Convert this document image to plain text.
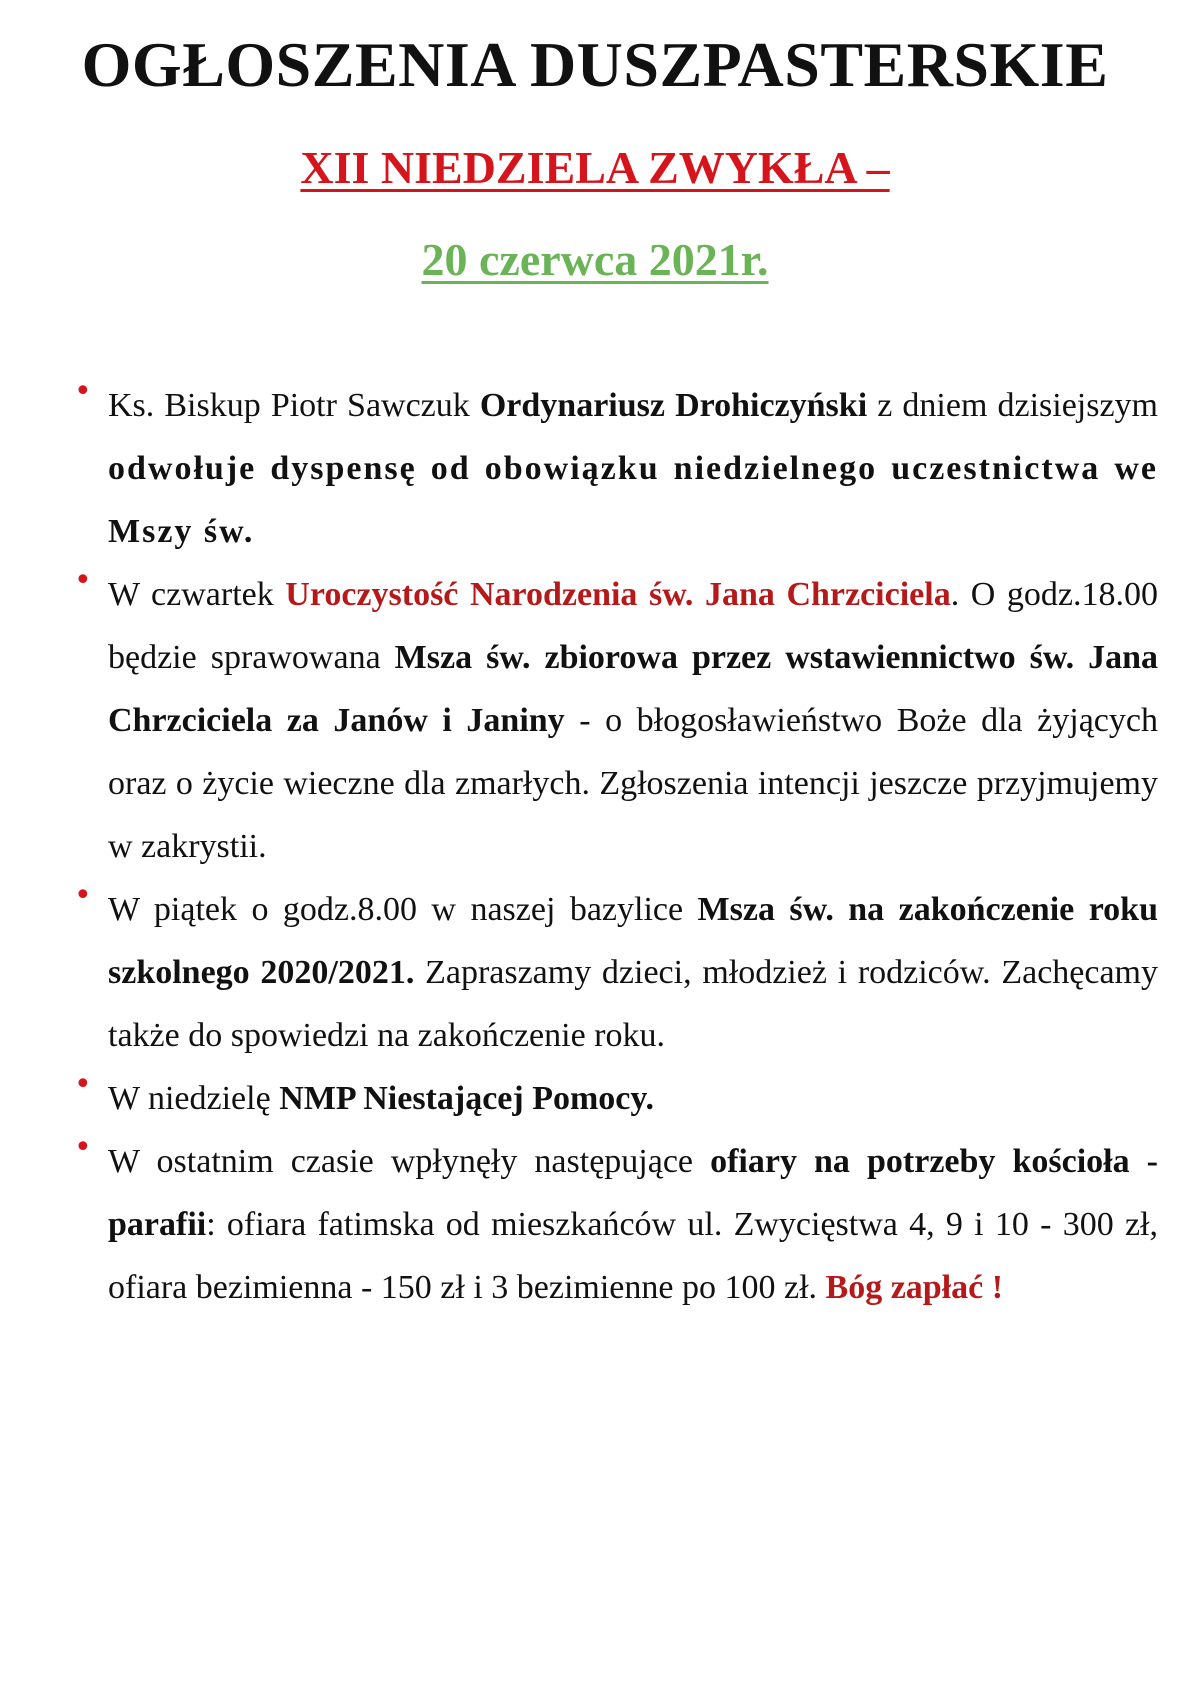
OGŁOSZENIA DUSZPASTERSKIE
XII NIEDZIELA ZWYKŁA –
20 czerwca 2021r.
• Ks. Biskup Piotr Sawczuk Ordynariusz Drohiczyński z dniem dzisiejszym odwołuje dyspensę od obowiązku niedzielnego uczestnictwa we Mszy św.
• W czwartek Uroczystość Narodzenia św. Jana Chrzciciela. O godz.18.00 będzie sprawowana Msza św. zbiorowa przez wstawiennictwo św. Jana Chrzciciela za Janów i Janiny - o błogosławieństwo Boże dla żyjących oraz o życie wieczne dla zmarłych. Zgłoszenia intencji jeszcze przyjmujemy w zakrystii.
• W piątek o godz.8.00 w naszej bazylice Msza św. na zakończenie roku szkolnego 2020/2021. Zapraszamy dzieci, młodzież i rodziców. Zachęcamy także do spowiedzi na zakończenie roku.
• W niedzielę NMP Niestającej Pomocy.
• W ostatnim czasie wpłynęły następujące ofiary na potrzeby kościoła - parafii: ofiara fatimska od mieszkańców ul. Zwycięstwa 4, 9 i 10 - 300 zł, ofiara bezimienna - 150 zł i 3 bezimienne po 100 zł. Bóg zapłać !
